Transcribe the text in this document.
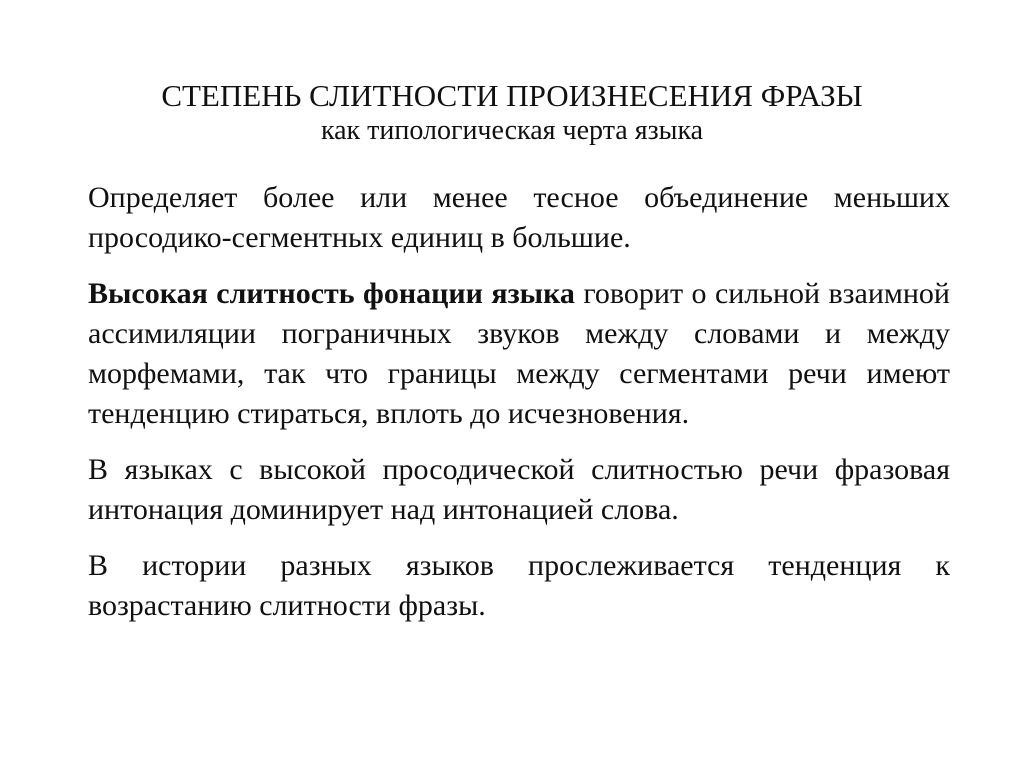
СТЕПЕНЬ СЛИТНОСТИ ПРОИЗНЕСЕНИЯ ФРАЗЫ
как типологическая черта языка

Определяет более или менее тесное объединение меньших просодико-сегментных единиц в большие.

Высокая слитность фонации языка говорит о сильной взаимной ассимиляции пограничных звуков между словами и между морфемами, так что границы между сегментами речи имеют тенденцию стираться, вплоть до исчезновения.

В языках с высокой просодической слитностью речи фразовая интонация доминирует над интонацией слова.

В истории разных языков прослеживается тенденция к возрастанию слитности фразы.
